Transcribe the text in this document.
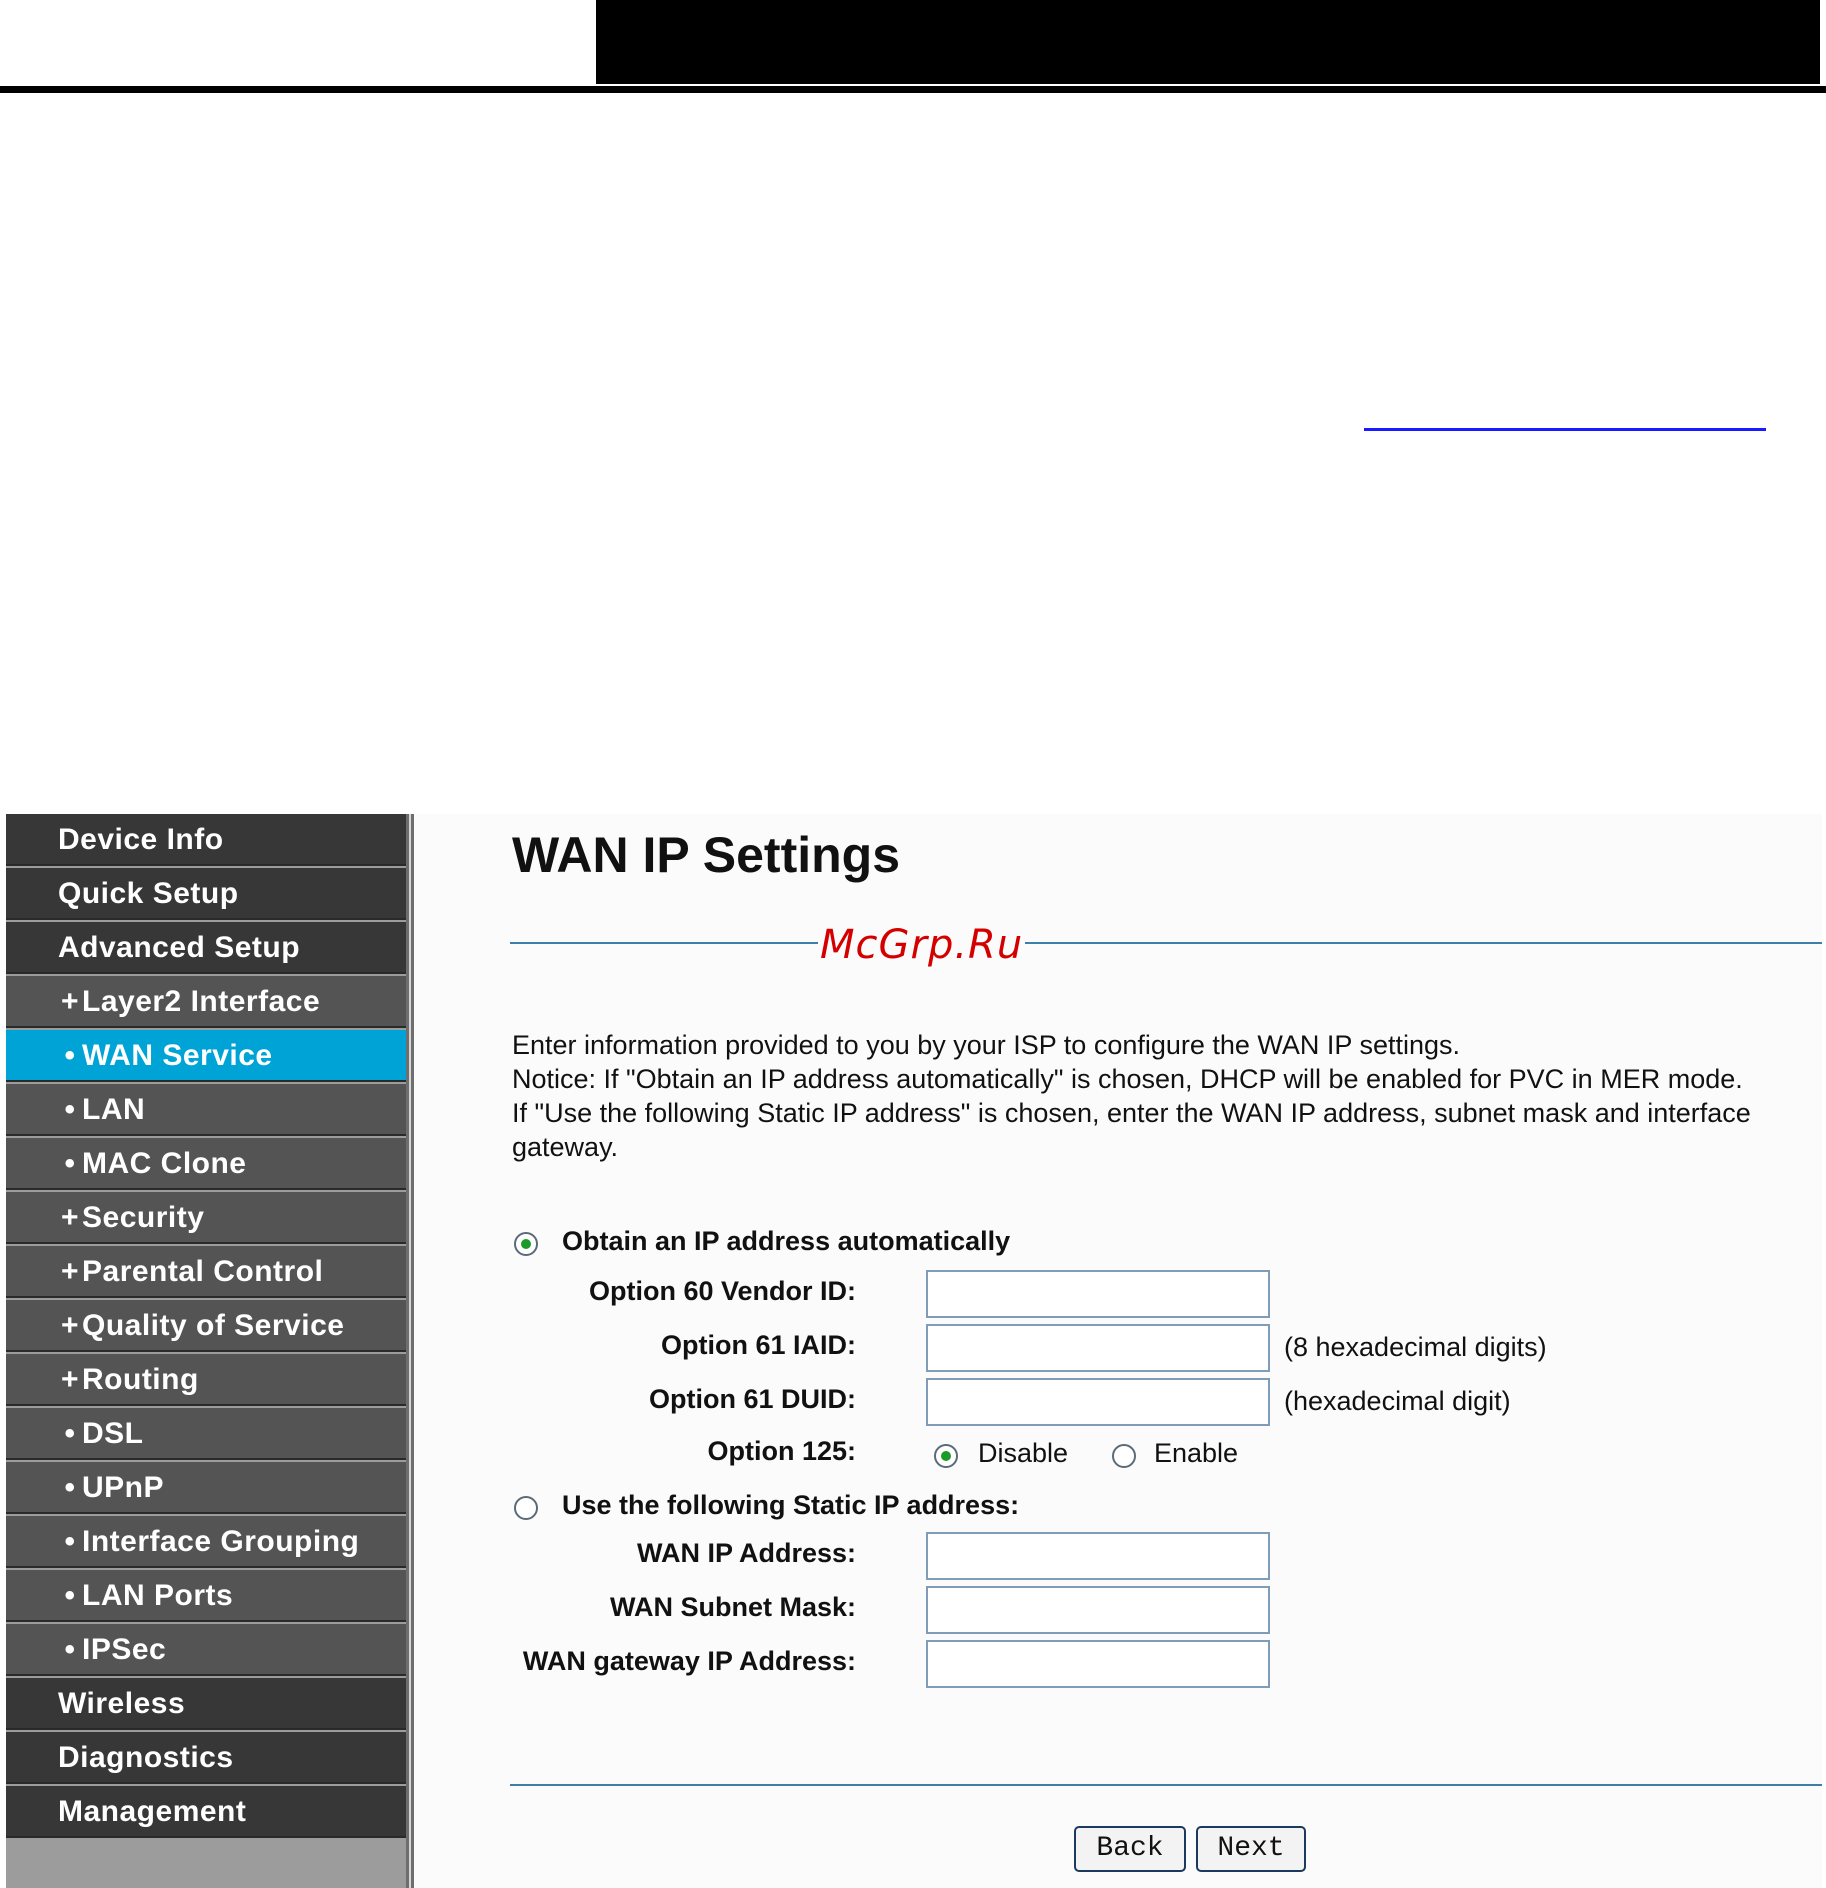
Device Info
Quick Setup
Advanced Setup
+Layer2 Interface
• WAN Service
• LAN
• MAC Clone
+Security
+Parental Control
+Quality of Service
+Routing
• DSL
• UPnP
• Interface Grouping
• LAN Ports
• IPSec
Wireless
Diagnostics
Management
WAN IP Settings
McGrp.Ru
Enter information provided to you by your ISP to configure the WAN IP settings.
Notice: If "Obtain an IP address automatically" is chosen, DHCP will be enabled for PVC in MER mode.
If "Use the following Static IP address" is chosen, enter the WAN IP address, subnet mask and interface
gateway.
Obtain an IP address automatically
Option 60 Vendor ID:
Option 61 IAID:	(8 hexadecimal digits)
Option 61 DUID:	(hexadecimal digit)
Option 125:	Disable	Enable
Use the following Static IP address:
WAN IP Address:
WAN Subnet Mask:
WAN gateway IP Address:
Back	Next
